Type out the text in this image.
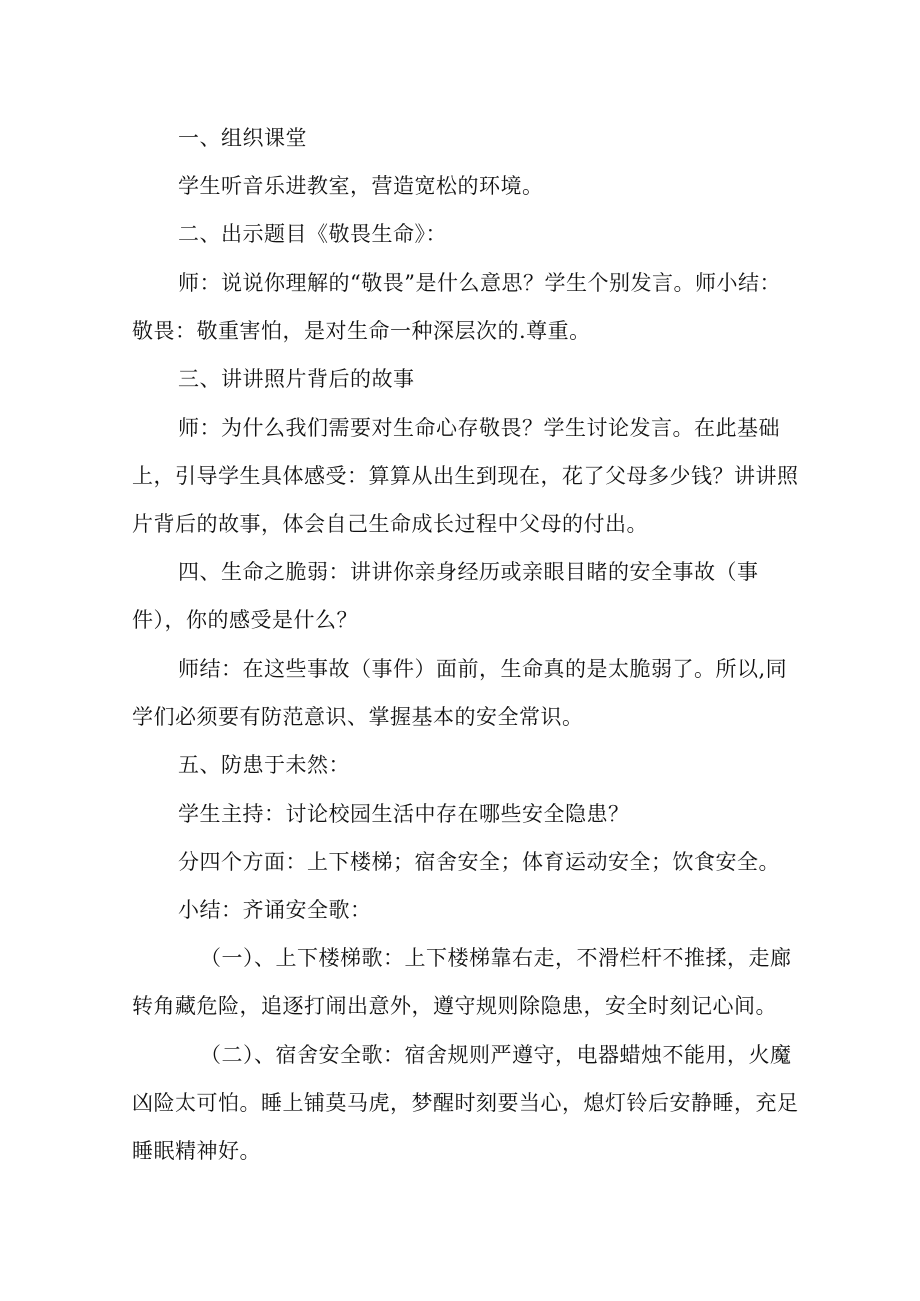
一、组织课堂

学生听音乐进教室，营造宽松的环境。

二、出示题目《敬畏生命》：

师：说说你理解的“敬畏”是什么意思？学生个别发言。师小结：敬畏：敬重害怕，是对生命一种深层次的.尊重。

三、讲讲照片背后的故事

师：为什么我们需要对生命心存敬畏？学生讨论发言。在此基础上，引导学生具体感受：算算从出生到现在，花了父母多少钱？讲讲照片背后的故事，体会自己生命成长过程中父母的付出。

四、生命之脆弱：讲讲你亲身经历或亲眼目睹的安全事故（事件），你的感受是什么？

师结：在这些事故（事件）面前，生命真的是太脆弱了。所以,同学们必须要有防范意识、掌握基本的安全常识。

五、防患于未然：

学生主持：讨论校园生活中存在哪些安全隐患？

分四个方面：上下楼梯；宿舍安全；体育运动安全；饮食安全。

小结：齐诵安全歌：

（一）、上下楼梯歌：上下楼梯靠右走，不滑栏杆不推揉，走廊转角藏危险，追逐打闹出意外，遵守规则除隐患，安全时刻记心间。

（二）、宿舍安全歌：宿舍规则严遵守，电器蜡烛不能用，火魔凶险太可怕。睡上铺莫马虎，梦醒时刻要当心，熄灯铃后安静睡，充足睡眠精神好。
